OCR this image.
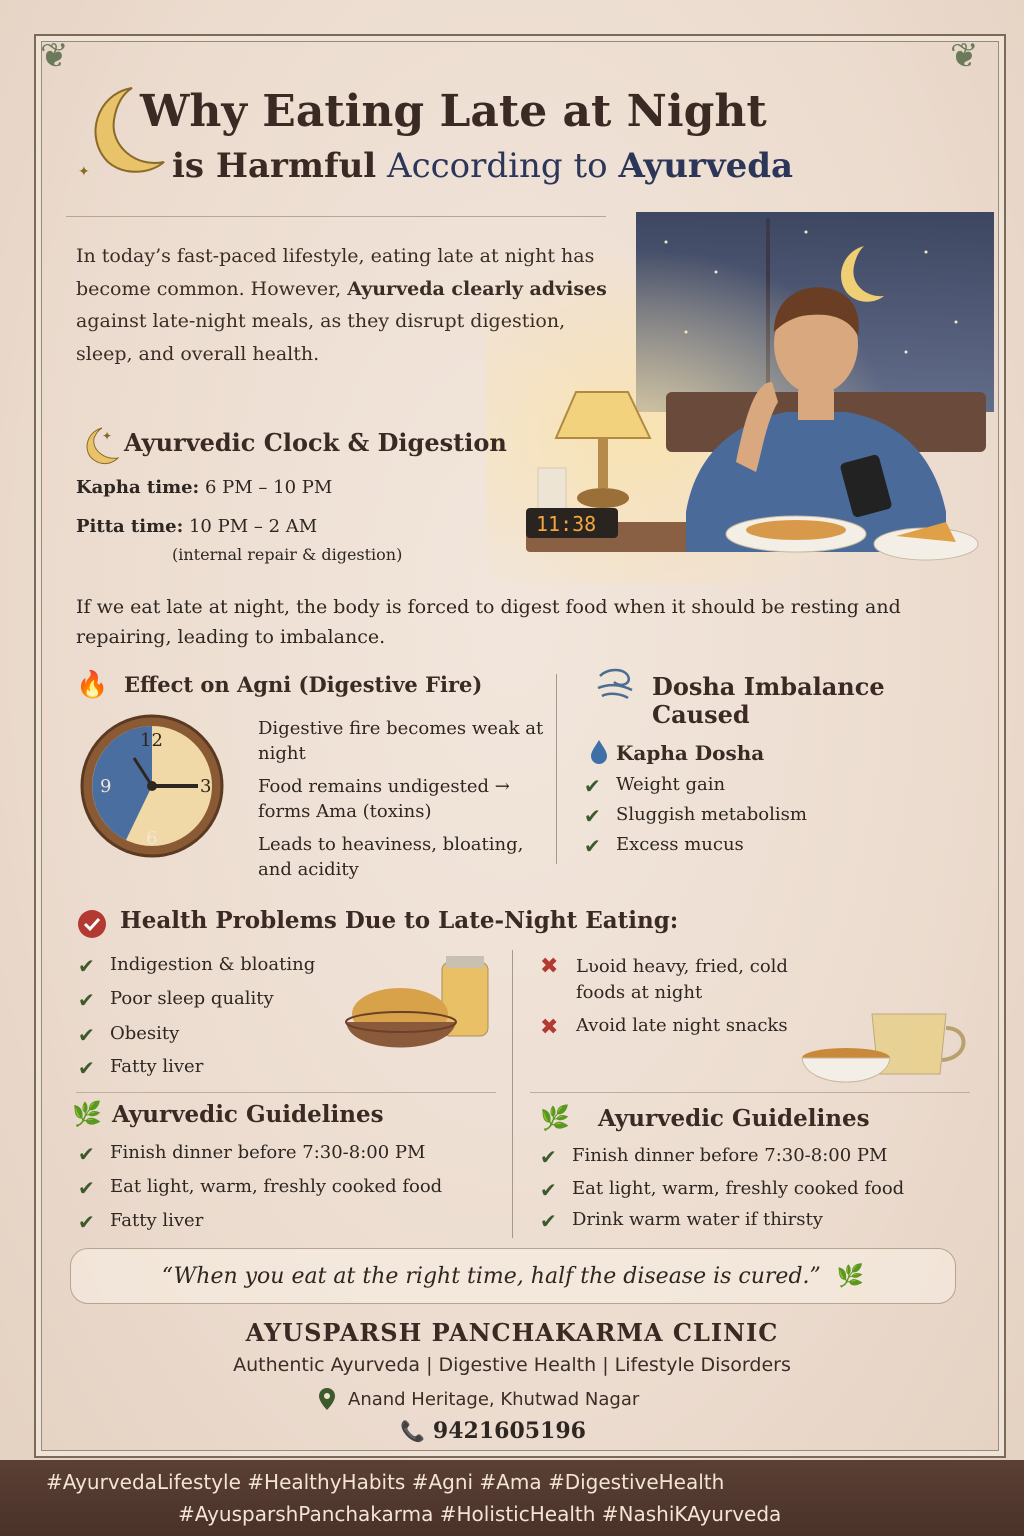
❦	❦
✦
Why Eating Late at Night
is Harmful According to Ayurveda
11:38
In today’s fast-paced lifestyle, eating late at night has become common. However, Ayurveda clearly advises against late-night meals, as they disrupt digestion, sleep, and overall health.
✦ Ayurvedic Clock & Digestion
Kapha time: 6 PM – 10 PM
Pitta time: 10 PM – 2 AM
(internal repair & digestion)
If we eat late at night, the body is forced to digest food when it should be resting and repairing, leading to imbalance.
🔥 Effect on Agni (Digestive Fire)
12
3
6
9
Digestive fire becomes weak at night
Food remains undigested → forms Ama (toxins)
Leads to heaviness, bloating, and acidity
Dosha Imbalance
Caused
Kapha Dosha
✔ Weight gain
✔ Sluggish metabolism
✔ Excess mucus
Health Problems Due to Late-Night Eating:
✔ Indigestion & bloating
✔ Poor sleep quality
✔ Obesity
✔ Fatty liver
✖ Lʋoid heavy, fried, cold foods at night
✖ Avoid late night snacks
🌿 Ayurvedic Guidelines
✔ Finish dinner before 7:30-8:00 PM
✔ Eat light, warm, freshly cooked food
✔ Fatty liver
🌿 Ayurvedic Guidelines
✔ Finish dinner before 7:30-8:00 PM
✔ Eat light, warm, freshly cooked food
✔ Drink warm water if thirsty
“When you eat at the right time, half the disease is cured.” 🌿
AYUSPARSH PANCHAKARMA CLINIC
Authentic Ayurveda | Digestive Health | Lifestyle Disorders
Anand Heritage, Khutwad Nagar
📞 9421605196
#AyurvedaLifestyle #HealthyHabits #Agni #Ama #DigestiveHealth
#AyusparshPanchakarma #HolisticHealth #NashiKAyurveda
